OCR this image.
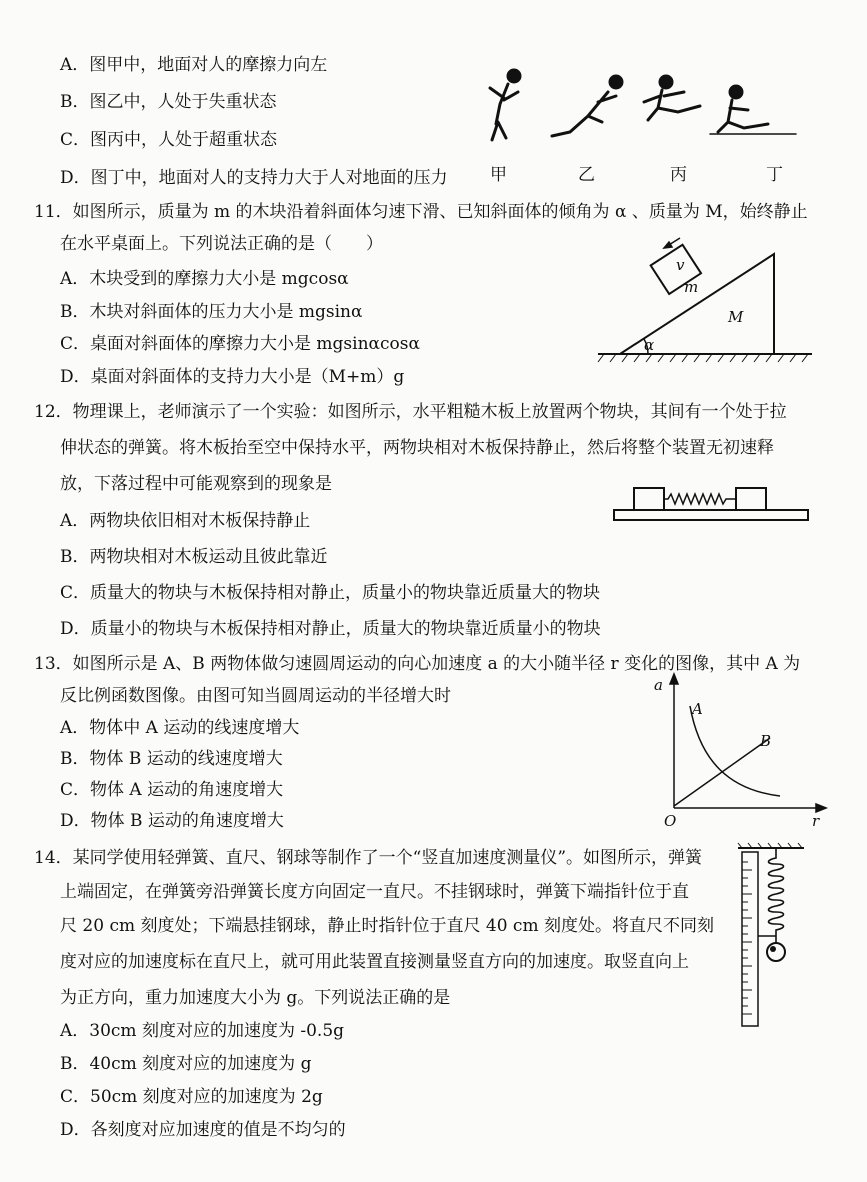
A．图甲中，地面对人的摩擦力向左
B．图乙中，人处于失重状态
C．图丙中，人处于超重状态
D．图丁中，地面对人的支持力大于人对地面的压力 甲	乙	丙	丁
11．如图所示，质量为 m 的木块沿着斜面体匀速下滑、已知斜面体的倾角为 α 、质量为 M，始终静止
在水平桌面上。下列说法正确的是（　　）
A．木块受到的摩擦力大小是 mgcosα
B．木块对斜面体的压力大小是 mgsinα
C．桌面对斜面体的摩擦力大小是 mgsinαcosα
D．桌面对斜面体的支持力大小是（M+m）g
v
m
M
α
12．物理课上，老师演示了一个实验：如图所示，水平粗糙木板上放置两个物块，其间有一个处于拉
伸状态的弹簧。将木板抬至空中保持水平，两物块相对木板保持静止，然后将整个装置无初速释
放，下落过程中可能观察到的现象是
A．两物块依旧相对木板保持静止
B．两物块相对木板运动且彼此靠近
C．质量大的物块与木板保持相对静止，质量小的物块靠近质量大的物块
D．质量小的物块与木板保持相对静止，质量大的物块靠近质量小的物块
13．如图所示是 A、B 两物体做匀速圆周运动的向心加速度 a 的大小随半径 r 变化的图像，其中 A 为
反比例函数图像。由图可知当圆周运动的半径增大时
A．物体中 A 运动的线速度增大
B．物体 B 运动的线速度增大
C．物体 A 运动的角速度增大
D．物体 B 运动的角速度增大
a
A
B
O	r
14．某同学使用轻弹簧、直尺、钢球等制作了一个“竖直加速度测量仪”。如图所示，弹簧
上端固定，在弹簧旁沿弹簧长度方向固定一直尺。不挂钢球时，弹簧下端指针位于直
尺 20 cm 刻度处；下端悬挂钢球，静止时指针位于直尺 40 cm 刻度处。将直尺不同刻
度对应的加速度标在直尺上，就可用此装置直接测量竖直方向的加速度。取竖直向上
为正方向，重力加速度大小为 g。下列说法正确的是
A．30cm 刻度对应的加速度为 -0.5g
B．40cm 刻度对应的加速度为 g
C．50cm 刻度对应的加速度为 2g
D．各刻度对应加速度的值是不均匀的
